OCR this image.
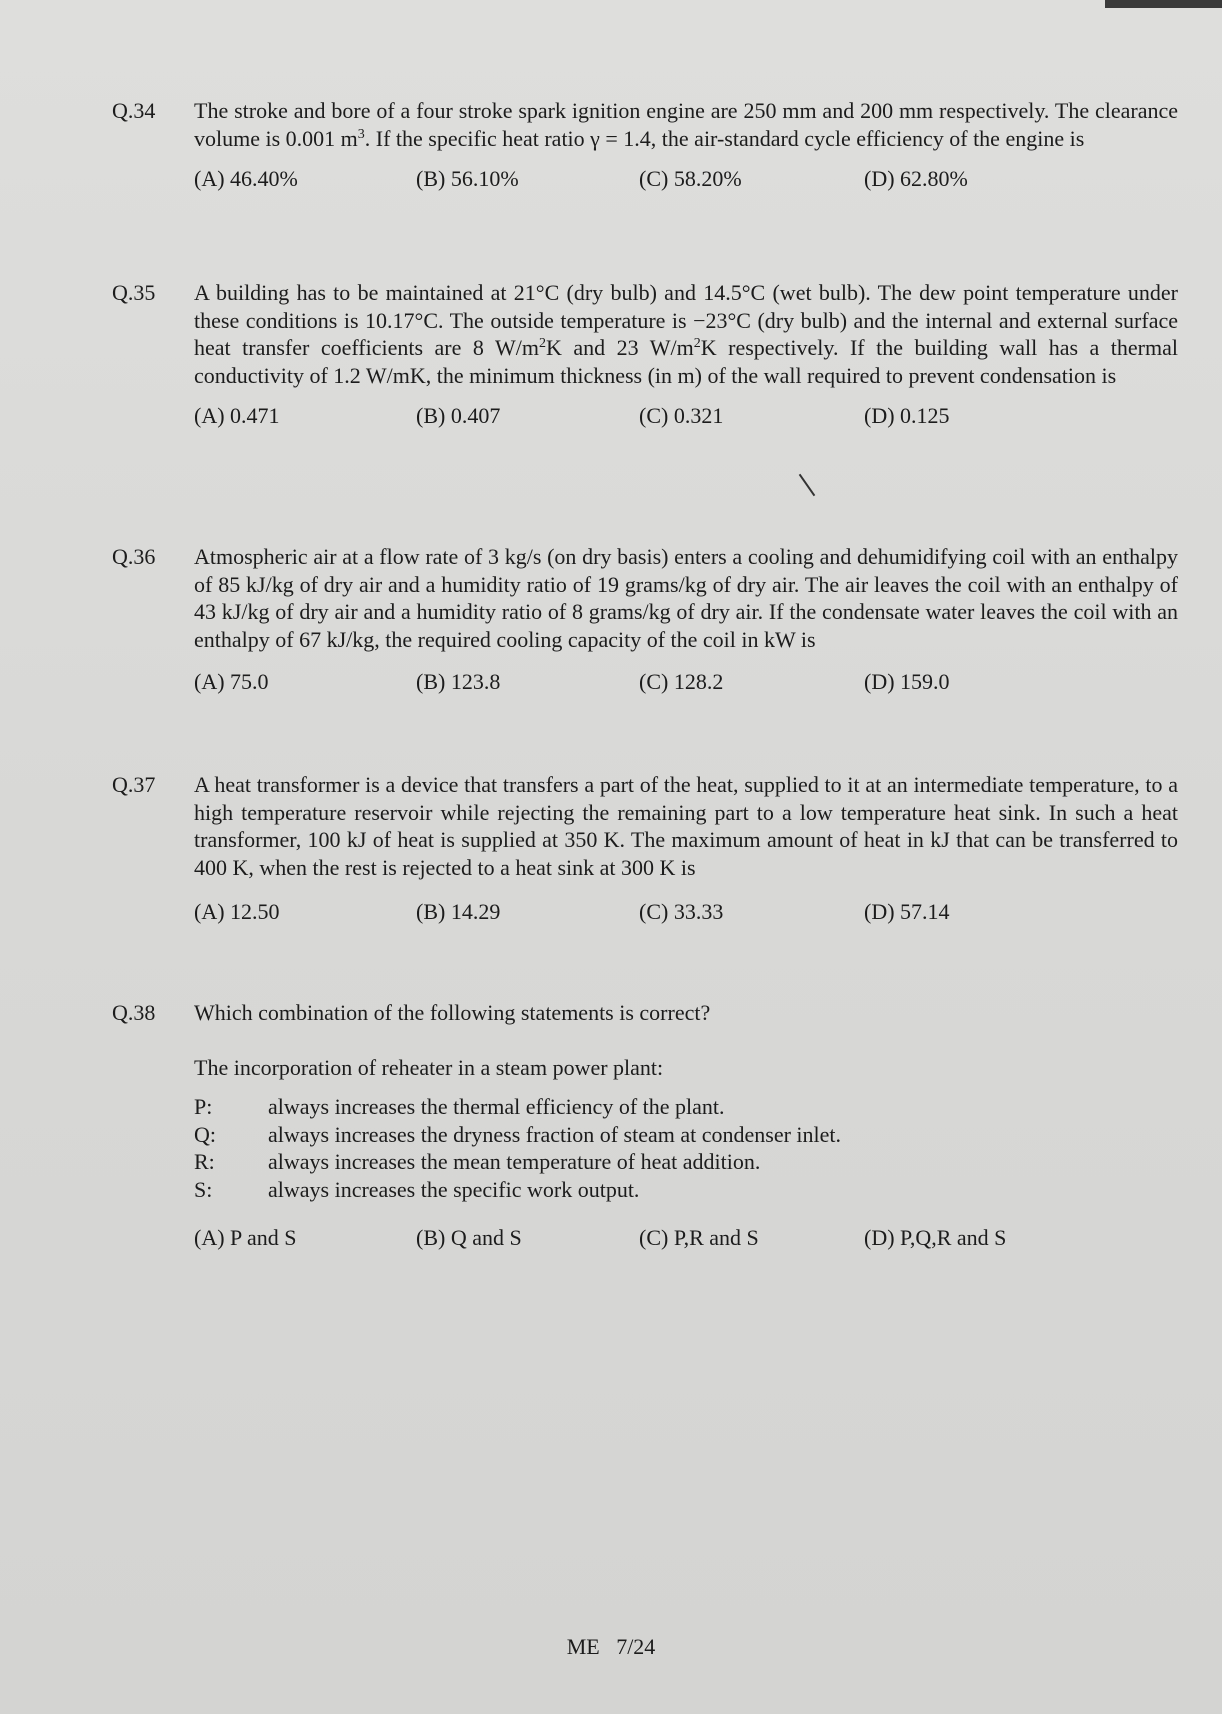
Q.34 The stroke and bore of a four stroke spark ignition engine are 250 mm and 200 mm respectively. The clearance volume is 0.001 $m^3$. If the specific heat ratio γ = 1.4, the air-standard cycle efficiency of the engine is
(A) 46.40%	(B) 56.10%	(C) 58.20%	(D) 62.80%
Q.35 A building has to be maintained at 21°C (dry bulb) and 14.5°C (wet bulb). The dew point temperature under these conditions is 10.17°C. The outside temperature is −23°C (dry bulb) and the internal and external surface heat transfer coefficients are 8 $W/m^2K$ and 23 $W/m^2K$ respectively. If the building wall has a thermal conductivity of 1.2 W/mK, the minimum thickness (in m) of the wall required to prevent condensation is
(A) 0.471	(B) 0.407	(C) 0.321	(D) 0.125
Q.36 Atmospheric air at a flow rate of 3 kg/s (on dry basis) enters a cooling and dehumidifying coil with an enthalpy of 85 kJ/kg of dry air and a humidity ratio of 19 grams/kg of dry air. The air leaves the coil with an enthalpy of 43 kJ/kg of dry air and a humidity ratio of 8 grams/kg of dry air. If the condensate water leaves the coil with an enthalpy of 67 kJ/kg, the required cooling capacity of the coil in kW is
(A) 75.0	(B) 123.8	(C) 128.2	(D) 159.0
Q.37 A heat transformer is a device that transfers a part of the heat, supplied to it at an intermediate temperature, to a high temperature reservoir while rejecting the remaining part to a low temperature heat sink. In such a heat transformer, 100 kJ of heat is supplied at 350 K. The maximum amount of heat in kJ that can be transferred to 400 K, when the rest is rejected to a heat sink at 300 K is
(A) 12.50	(B) 14.29	(C) 33.33	(D) 57.14
Q.38 Which combination of the following statements is correct?
The incorporation of reheater in a steam power plant:
P:	always increases the thermal efficiency of the plant.
Q: always increases the dryness fraction of steam at condenser inlet.
R: always increases the mean temperature of heat addition.
S:	always increases the specific work output.
(A) P and S	(B) Q and S	(C) P,R and S	(D) P,Q,R and S
ME   7/24
